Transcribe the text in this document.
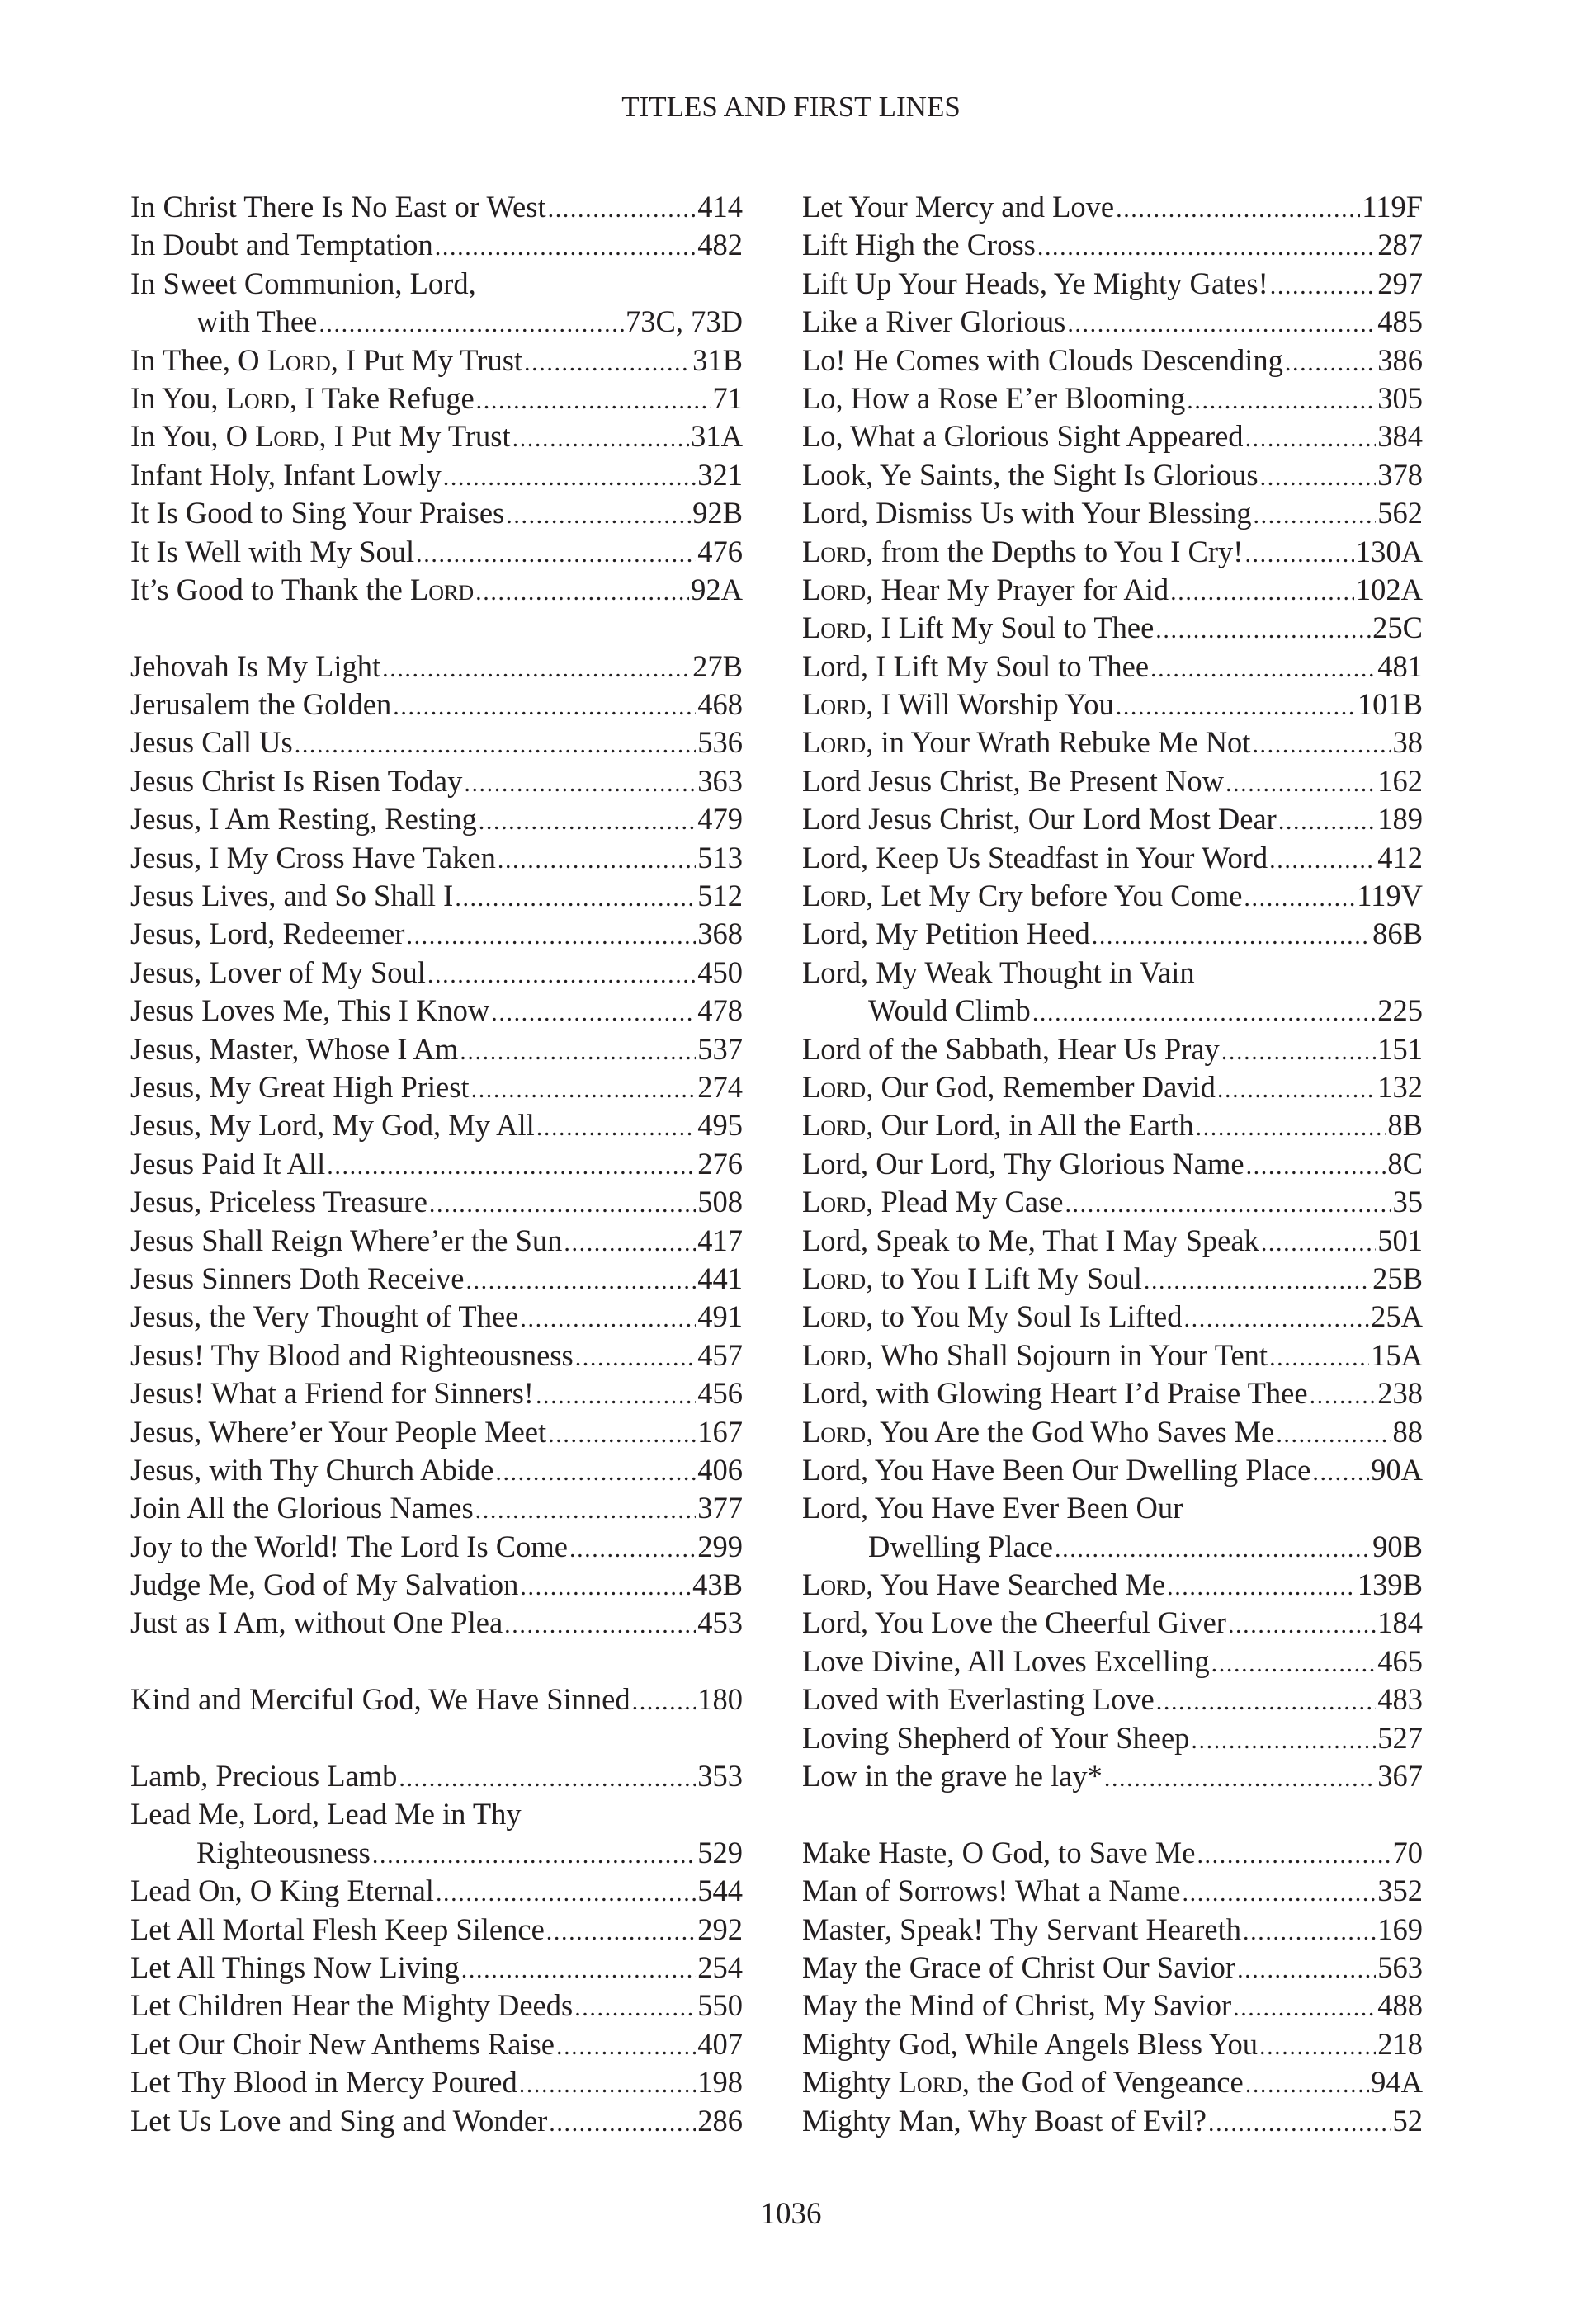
TITLES AND FIRST LINES
In Christ There Is No East or West .....	414
In Doubt and Temptation .....	482
In Sweet Communion, Lord,
with Thee .....	73C, 73D
In Thee, O Lord, I Put My Trust .....	31B
In You, Lord, I Take Refuge .....	71
In You, O Lord, I Put My Trust .....	31A
Infant Holy, Infant Lowly .....	321
It Is Good to Sing Your Praises .....	92B
It Is Well with My Soul .....	476
It’s Good to Thank the Lord .....	92A
Jehovah Is My Light .....	27B
Jerusalem the Golden .....	468
Jesus Call Us .....	536
Jesus Christ Is Risen Today .....	363
Jesus, I Am Resting, Resting .....	479
Jesus, I My Cross Have Taken .....	513
Jesus Lives, and So Shall I .....	512
Jesus, Lord, Redeemer .....	368
Jesus, Lover of My Soul .....	450
Jesus Loves Me, This I Know .....	478
Jesus, Master, Whose I Am .....	537
Jesus, My Great High Priest .....	274
Jesus, My Lord, My God, My All .....	495
Jesus Paid It All .....	276
Jesus, Priceless Treasure .....	508
Jesus Shall Reign Where’er the Sun .....	417
Jesus Sinners Doth Receive .....	441
Jesus, the Very Thought of Thee .....	491
Jesus! Thy Blood and Righteousness .....	457
Jesus! What a Friend for Sinners! .....	456
Jesus, Where’er Your People Meet .....	167
Jesus, with Thy Church Abide .....	406
Join All the Glorious Names .....	377
Joy to the World! The Lord Is Come .....	299
Judge Me, God of My Salvation .....	43B
Just as I Am, without One Plea .....	453
Kind and Merciful God, We Have Sinned ..... 180
Lamb, Precious Lamb .....	353
Lead Me, Lord, Lead Me in Thy
Righteousness .....	529
Lead On, O King Eternal .....	544
Let All Mortal Flesh Keep Silence .....	292
Let All Things Now Living .....	254
Let Children Hear the Mighty Deeds .....	550
Let Our Choir New Anthems Raise .....	407
Let Thy Blood in Mercy Poured .....	198
Let Us Love and Sing and Wonder .....	286
Let Your Mercy and Love .....	119F
Lift High the Cross .....	287
Lift Up Your Heads, Ye Mighty Gates! .....	297
Like a River Glorious .....	485
Lo! He Comes with Clouds Descending .....	386
Lo, How a Rose E’er Blooming .....	305
Lo, What a Glorious Sight Appeared .....	384
Look, Ye Saints, the Sight Is Glorious .....	378
Lord, Dismiss Us with Your Blessing .....	562
Lord, from the Depths to You I Cry! .....	130A
Lord, Hear My Prayer for Aid .....	102A
Lord, I Lift My Soul to Thee .....	25C
Lord, I Lift My Soul to Thee .....	481
Lord, I Will Worship You .....	101B
Lord, in Your Wrath Rebuke Me Not .....	38
Lord Jesus Christ, Be Present Now .....	162
Lord Jesus Christ, Our Lord Most Dear .....	189
Lord, Keep Us Steadfast in Your Word .....	412
Lord, Let My Cry before You Come .....	119V
Lord, My Petition Heed .....	86B
Lord, My Weak Thought in Vain
Would Climb .....	225
Lord of the Sabbath, Hear Us Pray .....	151
Lord, Our God, Remember David .....	132
Lord, Our Lord, in All the Earth .....	8B
Lord, Our Lord, Thy Glorious Name .....	8C
Lord, Plead My Case .....	35
Lord, Speak to Me, That I May Speak .....	501
Lord, to You I Lift My Soul .....	25B
Lord, to You My Soul Is Lifted .....	25A
Lord, Who Shall Sojourn in Your Tent .....	15A
Lord, with Glowing Heart I’d Praise Thee ..... 238
Lord, You Are the God Who Saves Me .....	88
Lord, You Have Been Our Dwelling Place ..... 90A
Lord, You Have Ever Been Our
Dwelling Place .....	90B
Lord, You Have Searched Me .....	139B
Lord, You Love the Cheerful Giver .....	184
Love Divine, All Loves Excelling .....	465
Loved with Everlasting Love .....	483
Loving Shepherd of Your Sheep .....	527
Low in the grave he lay* .....	367
Make Haste, O God, to Save Me .....	70
Man of Sorrows! What a Name .....	352
Master, Speak! Thy Servant Heareth .....	169
May the Grace of Christ Our Savior .....	563
May the Mind of Christ, My Savior .....	488
Mighty God, While Angels Bless You .....	218
Mighty Lord, the God of Vengeance .....	94A
Mighty Man, Why Boast of Evil? .....	52
1036
